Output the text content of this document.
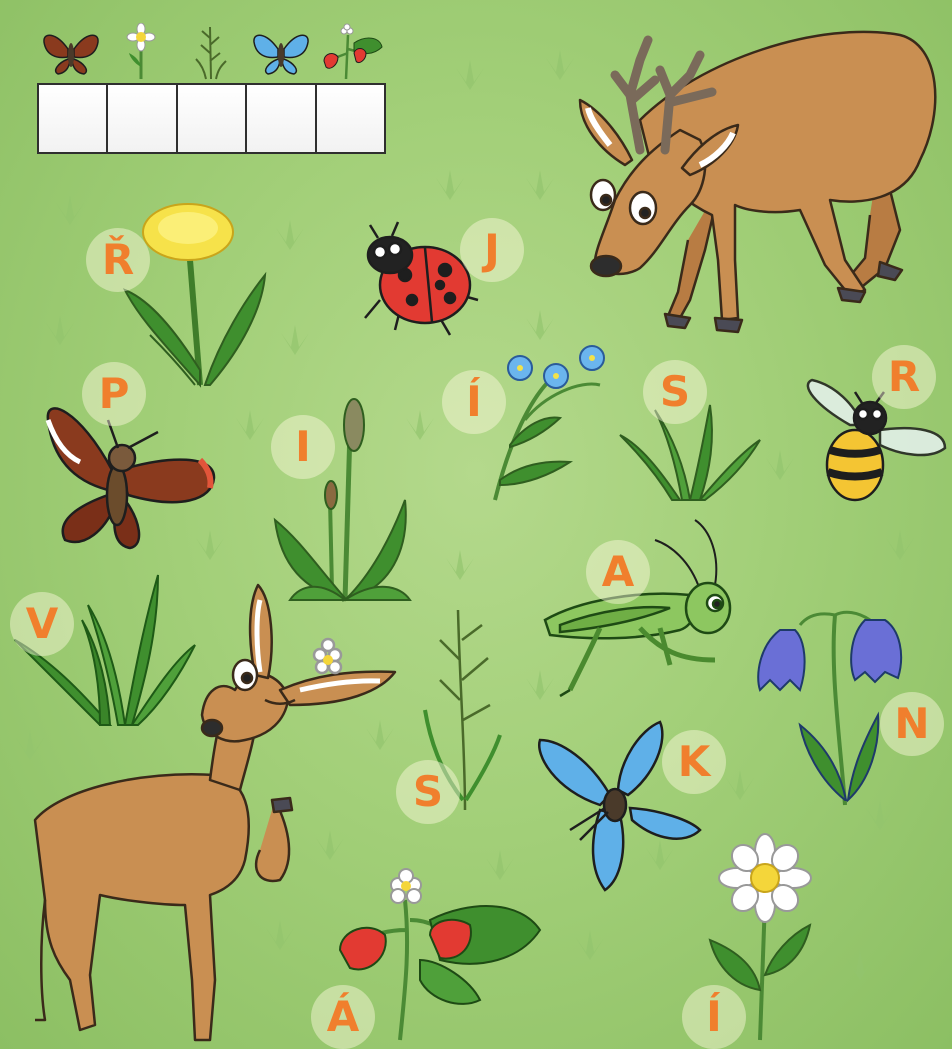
Ř	J
P
I
Í	S	R
V
A
N
K
S
Á	Í
